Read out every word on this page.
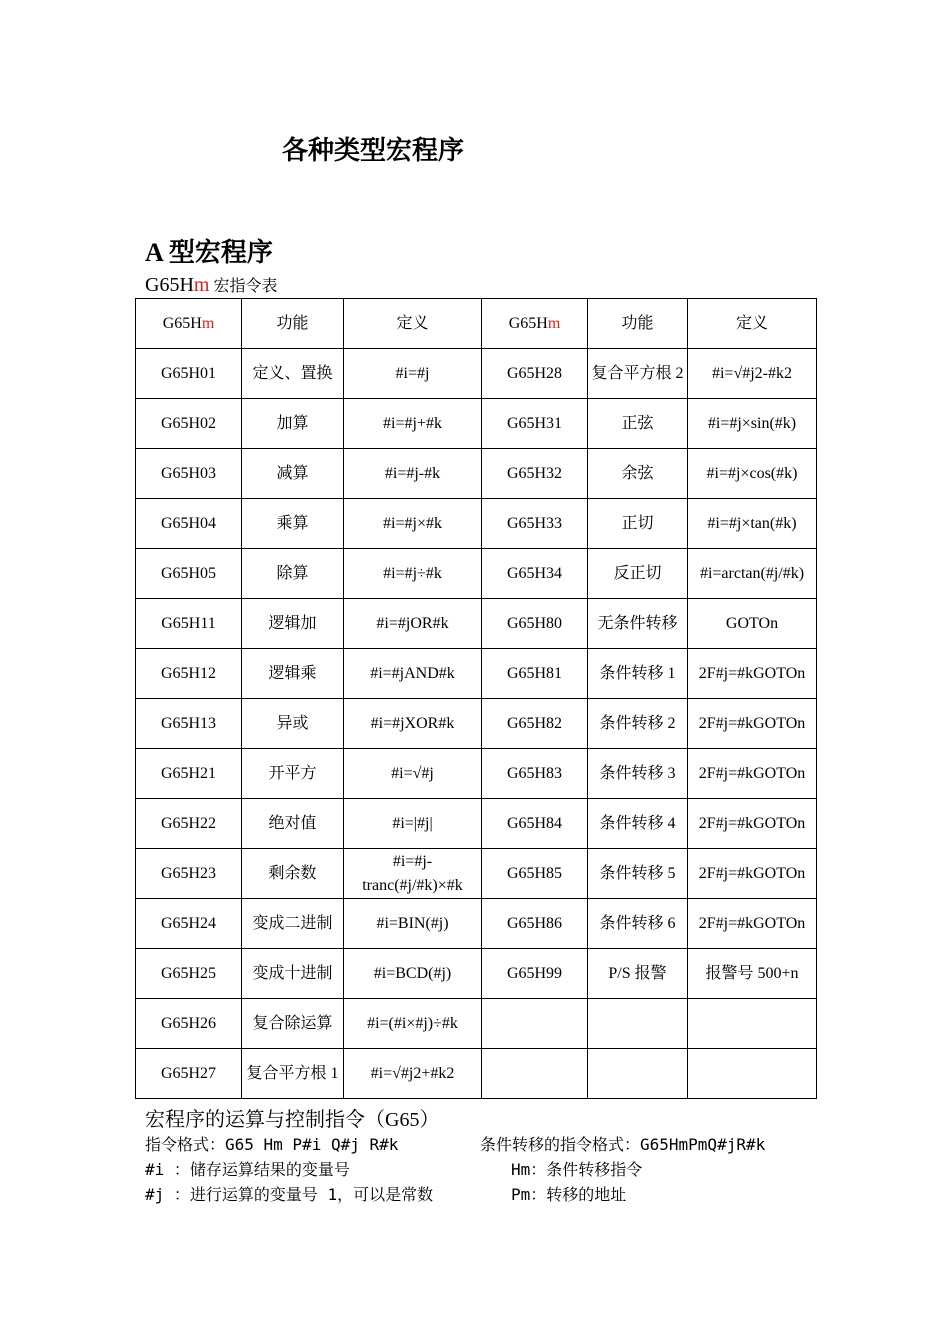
各种类型宏程序
A 型宏程序
G65Hm 宏指令表
G65Hm	功能	定义	G65Hm	功能	定义
G65H01	定义、置换	#i=#j	G65H28	复合平方根 2	#i=√#j2-#k2
G65H02	加算	#i=#j+#k	G65H31	正弦	#i=#j×sin(#k)
G65H03	减算	#i=#j-#k	G65H32	余弦	#i=#j×cos(#k)
G65H04	乘算	#i=#j×#k	G65H33	正切	#i=#j×tan(#k)
G65H05	除算	#i=#j÷#k	G65H34	反正切	#i=arctan(#j/#k)
G65H11	逻辑加	#i=#jOR#k	G65H80	无条件转移	GOTOn
G65H12	逻辑乘	#i=#jAND#k	G65H81	条件转移 1	2F#j=#kGOTOn
G65H13	异或	#i=#jXOR#k	G65H82	条件转移 2	2F#j=#kGOTOn
G65H21	开平方	#i=√#j	G65H83	条件转移 3	2F#j=#kGOTOn
G65H22	绝对值	#i=|#j|	G65H84	条件转移 4	2F#j=#kGOTOn
G65H23	剩余数	#i=#j-tranc(#j/#k)×#k	G65H85	条件转移 5	2F#j=#kGOTOn
G65H24	变成二进制	#i=BIN(#j)	G65H86	条件转移 6	2F#j=#kGOTOn
G65H25	变成十进制	#i=BCD(#j)	G65H99	P/S 报警	报警号 500+n
G65H26	复合除运算	#i=(#i×#j)÷#k			
G65H27	复合平方根 1	#i=√#j2+#k2			
宏程序的运算与控制指令（G65）
指令格式：G65 Hm P#i Q#j R#k	条件转移的指令格式：G65HmPmQ#jR#k
#i ：储存运算结果的变量号	Hm：条件转移指令
#j ：进行运算的变量号 1，可以是常数	Pm：转移的地址
